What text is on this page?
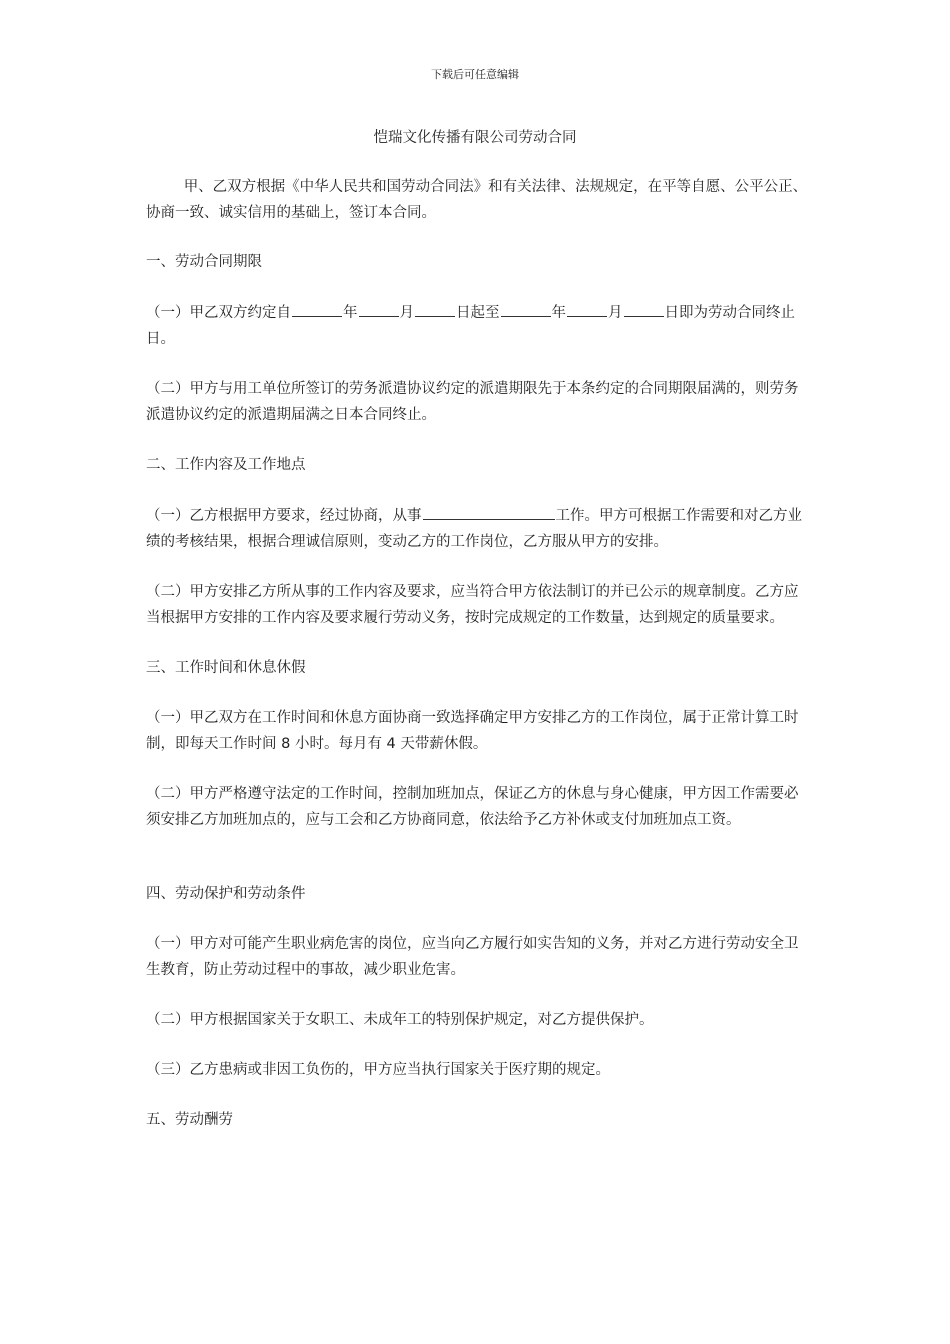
下载后可任意编辑
恺瑞文化传播有限公司劳动合同

甲、乙双方根据《中华人民共和国劳动合同法》和有关法律、法规规定，在平等自愿、公平公正、协商一致、诚实信用的基础上，签订本合同。

一、劳动合同期限

（一）甲乙双方约定自	年	月	日起至	年	月	日即为劳动合同终止日。

（二）甲方与用工单位所签订的劳务派遣协议约定的派遣期限先于本条约定的合同期限届满的，则劳务派遣协议约定的派遣期届满之日本合同终止。

二、工作内容及工作地点

（一）乙方根据甲方要求，经过协商，从事	工作。甲方可根据工作需要和对乙方业绩的考核结果，根据合理诚信原则，变动乙方的工作岗位，乙方服从甲方的安排。

（二）甲方安排乙方所从事的工作内容及要求，应当符合甲方依法制订的并已公示的规章制度。乙方应当根据甲方安排的工作内容及要求履行劳动义务，按时完成规定的工作数量，达到规定的质量要求。

三、工作时间和休息休假

（一）甲乙双方在工作时间和休息方面协商一致选择确定甲方安排乙方的工作岗位，属于正常计算工时制，即每天工作时间 8 小时。每月有 4 天带薪休假。

（二）甲方严格遵守法定的工作时间，控制加班加点，保证乙方的休息与身心健康，甲方因工作需要必须安排乙方加班加点的，应与工会和乙方协商同意，依法给予乙方补休或支付加班加点工资。

四、劳动保护和劳动条件

（一）甲方对可能产生职业病危害的岗位，应当向乙方履行如实告知的义务，并对乙方进行劳动安全卫生教育，防止劳动过程中的事故，减少职业危害。

（二）甲方根据国家关于女职工、未成年工的特别保护规定，对乙方提供保护。

（三）乙方患病或非因工负伤的，甲方应当执行国家关于医疗期的规定。

五、劳动酬劳
